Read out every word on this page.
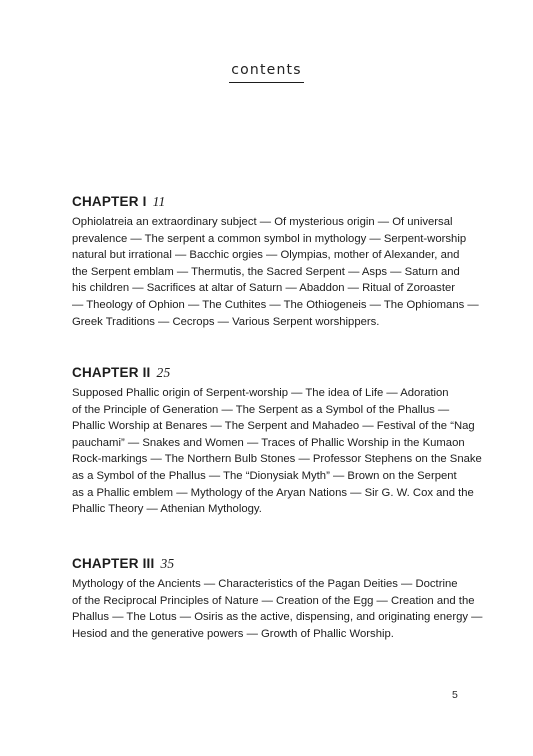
contents
CHAPTER I 11

Ophiolatreia an extraordinary subject — Of mysterious origin — Of universal
prevalence — The serpent a common symbol in mythology — Serpent-worship
natural but irrational — Bacchic orgies — Olympias, mother of Alexander, and
the Serpent emblam — Thermutis, the Sacred Serpent — Asps — Saturn and
his children — Sacrifices at altar of Saturn — Abaddon — Ritual of Zoroaster
— Theology of Ophion — The Cuthites — The Othiogeneis — The Ophiomans —
Greek Traditions — Cecrops — Various Serpent worshippers.

CHAPTER II 25

Supposed Phallic origin of Serpent-worship — The idea of Life — Adoration
of the Principle of Generation — The Serpent as a Symbol of the Phallus —
Phallic Worship at Benares — The Serpent and Mahadeo — Festival of the “Nag
pauchami” — Snakes and Women — Traces of Phallic Worship in the Kumaon
Rock-markings — The Northern Bulb Stones — Professor Stephens on the Snake
as a Symbol of the Phallus — The “Dionysiak Myth” — Brown on the Serpent
as a Phallic emblem — Mythology of the Aryan Nations — Sir G. W. Cox and the
Phallic Theory — Athenian Mythology.

CHAPTER III 35

Mythology of the Ancients — Characteristics of the Pagan Deities — Doctrine
of the Reciprocal Principles of Nature — Creation of the Egg — Creation and the
Phallus — The Lotus — Osiris as the active, dispensing, and originating energy —
Hesiod and the generative powers — Growth of Phallic Worship.

5
